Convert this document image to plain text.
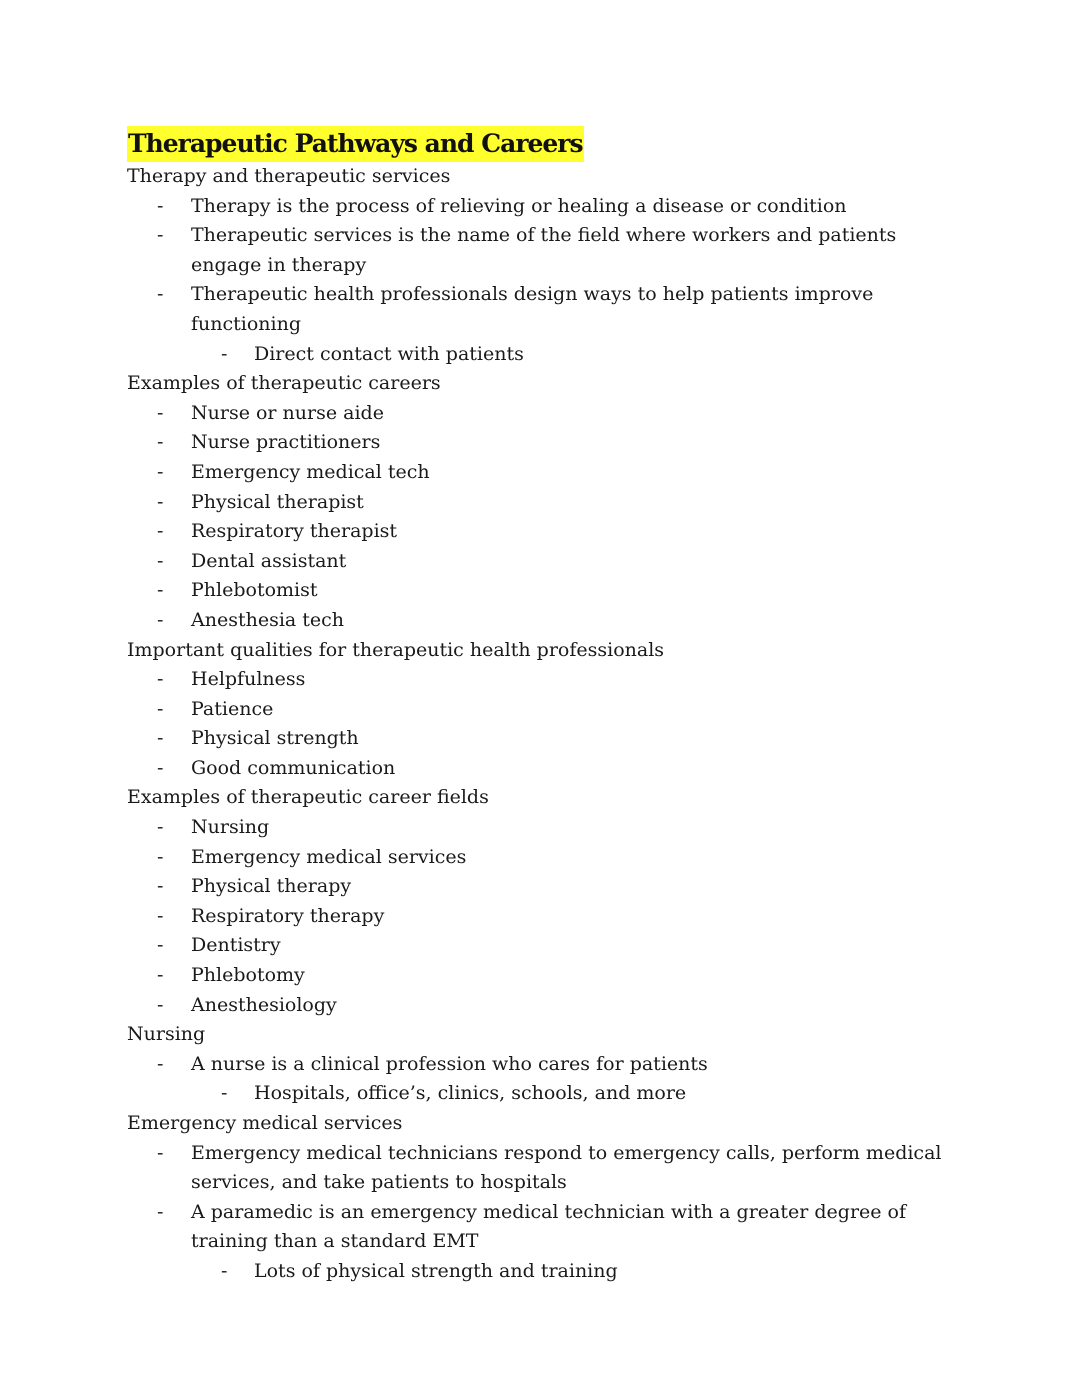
Therapeutic Pathways and Careers

Therapy and therapeutic services

- Therapy is the process of relieving or healing a disease or condition
- Therapeutic services is the name of the field where workers and patients engage in therapy
- Therapeutic health professionals design ways to help patients improve functioning
- Direct contact with patients

Examples of therapeutic careers

- Nurse or nurse aide
- Nurse practitioners
- Emergency medical tech
- Physical therapist
- Respiratory therapist
- Dental assistant
- Phlebotomist
- Anesthesia tech

Important qualities for therapeutic health professionals

- Helpfulness
- Patience
- Physical strength
- Good communication

Examples of therapeutic career fields

- Nursing
- Emergency medical services
- Physical therapy
- Respiratory therapy
- Dentistry
- Phlebotomy
- Anesthesiology

Nursing

- A nurse is a clinical profession who cares for patients
- Hospitals, office’s, clinics, schools, and more

Emergency medical services

- Emergency medical technicians respond to emergency calls, perform medical services, and take patients to hospitals
- A paramedic is an emergency medical technician with a greater degree of training than a standard EMT
- Lots of physical strength and training
